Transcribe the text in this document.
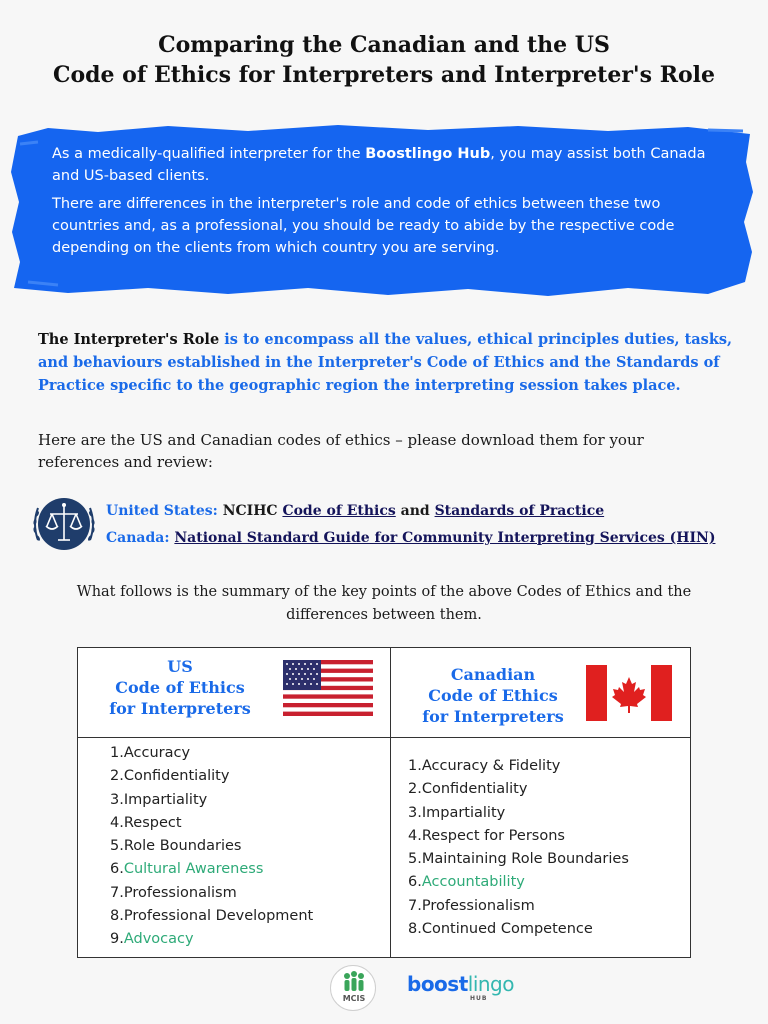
Comparing the Canadian and the US
Code of Ethics for Interpreters and Interpreter's Role

As a medically-qualified interpreter for the Boostlingo Hub, you may assist both Canada and US-based clients.

There are differences in the interpreter's role and code of ethics between these two countries and, as a professional, you should be ready to abide by the respective code depending on the clients from which country you are serving.

The Interpreter's Role is to encompass all the values, ethical principles duties, tasks, and behaviours established in the Interpreter's Code of Ethics and the Standards of Practice specific to the geographic region the interpreting session takes place.
Here are the US and Canadian codes of ethics – please download them for your references and review:
United States: NCIHC Code of Ethics and Standards of Practice
Canada: National Standard Guide for Community Interpreting Services (HIN)
What follows is the summary of the key points of the above Codes of Ethics and the differences between them.
US
Code of Ethics
for Interpreters
Canadian
Code of Ethics
for Interpreters
1.Accuracy
2.Confidentiality
3.Impartiality
4.Respect
5.Role Boundaries
6.Cultural Awareness
7.Professionalism
8.Professional Development
9.Advocacy
1.Accuracy & Fidelity
2.Confidentiality
3.Impartiality
4.Respect for Persons
5.Maintaining Role Boundaries
6.Accountability
7.Professionalism
8.Continued Competence
MCIS
boostlingo
HUB
